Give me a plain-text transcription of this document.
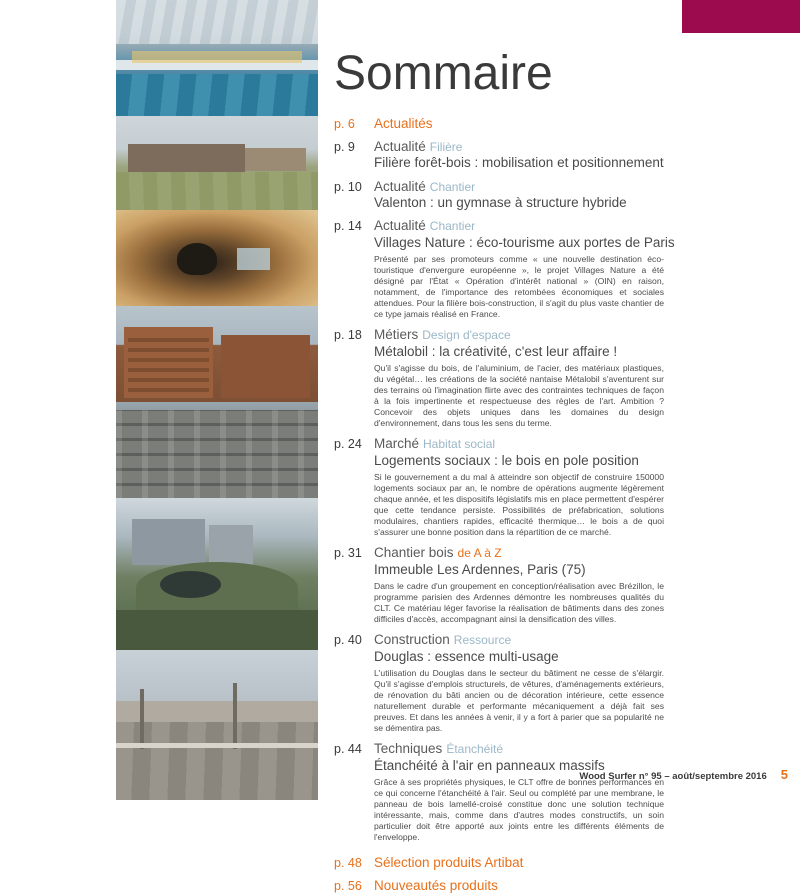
Sommaire
p. 6	Actualités
p. 9	Actualité Filière
Filière forêt-bois : mobilisation et positionnement
p. 10 Actualité Chantier
Valenton : un gymnase à structure hybride
p. 14 Actualité Chantier
Villages Nature : éco-tourisme aux portes de Paris
Présenté par ses promoteurs comme « une nouvelle destination éco-touristique d'envergure européenne », le projet Villages Nature a été désigné par l'État « Opération d'intérêt national » (OIN) en raison, notamment, de l'importance des retombées économiques et sociales attendues. Pour la filière bois-construction, il s'agit du plus vaste chantier de ce type jamais réalisé en France.
p. 18 Métiers Design d'espace
Métalobil : la créativité, c'est leur affaire !
Qu'il s'agisse du bois, de l'aluminium, de l'acier, des matériaux plastiques, du végétal… les créations de la société nantaise Métalobil s'aventurent sur des terrains où l'imagination flirte avec des contraintes techniques de façon à la fois impertinente et respectueuse des règles de l'art. Ambition ? Concevoir des objets uniques dans les domaines du design d'environnement, dans tous les sens du terme.
p. 24 Marché Habitat social
Logements sociaux : le bois en pole position
Si le gouvernement a du mal à atteindre son objectif de construire 150000 logements sociaux par an, le nombre de opérations augmente légèrement chaque année, et les dispositifs législatifs mis en place permettent d'espérer que cette tendance persiste. Possibilités de préfabrication, solutions modulaires, chantiers rapides, efficacité thermique… le bois a de quoi s'assurer une bonne position dans la répartition de ce marché.
p. 31 Chantier bois de A à Z
Immeuble Les Ardennes, Paris (75)
Dans le cadre d'un groupement en conception/réalisation avec Brézillon, le programme parisien des Ardennes démontre les nombreuses qualités du CLT. Ce matériau léger favorise la réalisation de bâtiments dans des zones difficiles d'accès, accompagnant ainsi la densification des villes.
p. 40 Construction Ressource
Douglas : essence multi-usage
L'utilisation du Douglas dans le secteur du bâtiment ne cesse de s'élargir. Qu'il s'agisse d'emplois structurels, de vêtures, d'aménagements extérieurs, de rénovation du bâti ancien ou de décoration intérieure, cette essence naturellement durable et performante mécaniquement a déjà fait ses preuves. Et dans les années à venir, il y a fort à parier que sa popularité ne se démentira pas.
p. 44 Techniques Étanchéité
Étanchéité à l'air en panneaux massifs
Grâce à ses propriétés physiques, le CLT offre de bonnes performances en ce qui concerne l'étanchéité à l'air. Seul ou complété par une membrane, le panneau de bois lamellé-croisé constitue donc une solution technique intéressante, mais, comme dans d'autres modes constructifs, un soin particulier doit être apporté aux joints entre les différents éléments de l'enveloppe.
p. 48 Sélection produits Artibat
p. 56 Nouveautés produits
Wood Surfer n° 95 – août/septembre 2016 5
